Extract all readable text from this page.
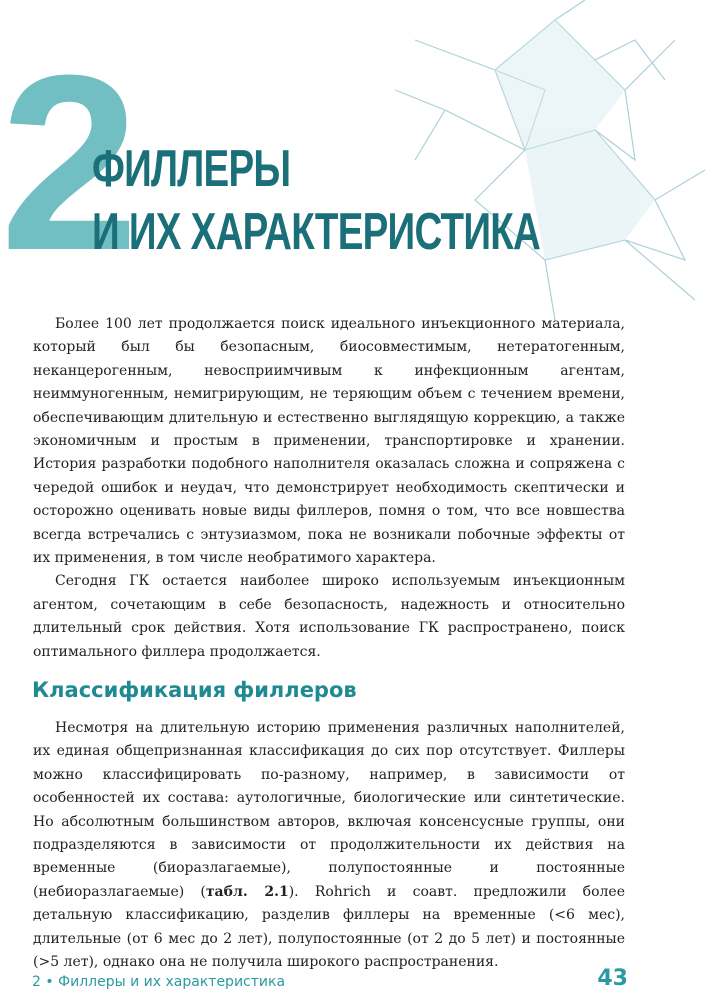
2
ФИЛЛЕРЫ
И ИХ ХАРАКТЕРИСТИКА

Более 100 лет продолжается поиск идеального инъекционного материала, который был бы безопасным, биосовместимым, нетератогенным, неканцерогенным, невосприимчивым к инфекционным агентам, неиммуногенным, немигрирующим, не теряющим объем с течением времени, обеспечивающим длительную и естественно выглядящую коррекцию, а также экономичным и простым в применении, транспортировке и хранении. История разработки подобного наполнителя оказалась сложна и сопряжена с чередой ошибок и неудач, что демонстрирует необходимость скептически и осторожно оценивать новые виды филлеров, помня о том, что все новшества всегда встречались с энтузиазмом, пока не возникали побочные эффекты от их применения, в том числе необратимого характера.

Сегодня ГК остается наиболее широко используемым инъекционным агентом, сочетающим в себе безопасность, надежность и относительно длительный срок действия. Хотя использование ГК распространено, поиск оптимального филлера продолжается.

Классификация филлеров

Несмотря на длительную историю применения различных наполнителей, их единая общепризнанная классификация до сих пор отсутствует. Филлеры можно классифицировать по-разному, например, в зависимости от особенностей их состава: аутологичные, биологические или синтетические. Но абсолютным большинством авторов, включая консенсусные группы, они подразделяются в зависимости от продолжительности их действия на временные (биоразлагаемые), полупостоянные и постоянные (небиоразлагаемые) (табл. 2.1). Rohrich и соавт. предложили более детальную классификацию, разделив филлеры на временные (<6 мес), длительные (от 6 мес до 2 лет), полупостоянные (от 2 до 5 лет) и постоянные (>5 лет), однако она не получила широкого распространения.

2 • Филлеры и их характеристика	43
